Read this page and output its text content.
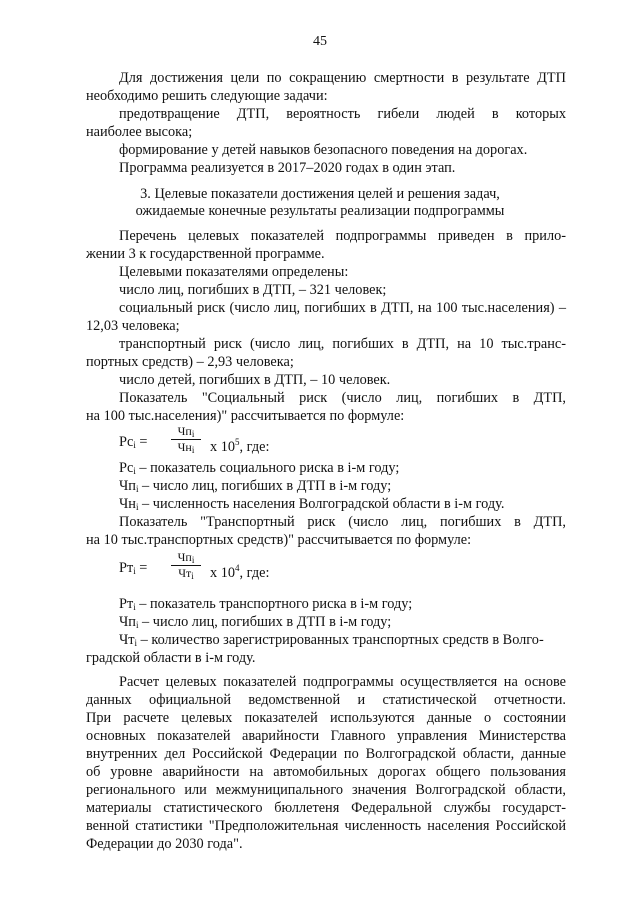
45
Для достижения цели по сокращению смертности в результате ДТП
необходимо решить следующие задачи:
предотвращение ДТП, вероятность гибели людей в которых
наиболее высока;
формирование у детей навыков безопасного поведения на дорогах.
Программа реализуется в 2017–2020 годах в один этап.
3. Целевые показатели достижения целей и решения задач,
ожидаемые конечные результаты реализации подпрограммы
Перечень целевых показателей подпрограммы приведен в прило-
жении 3 к государственной программе.
Целевыми показателями определены:
число лиц, погибших в ДТП, – 321 человек;
социальный риск (число лиц, погибших в ДТП, на 100 тыс.населения) –
12,03 человека;
транспортный риск (число лиц, погибших в ДТП, на 10 тыс.транс-
портных средств) – 2,93 человека;
число детей, погибших в ДТП, – 10 человек.
Показатель "Социальный риск (число лиц, погибших в ДТП,
на 100 тыс.населения)" рассчитывается по формуле:
$Рс_i$ =
$Чп_i$
$Чн_i$	x $10^5$, где:
$Рс_i$ – показатель социального риска в i-м году;
$Чп_i$ – число лиц, погибших в ДТП в i-м году;
$Чн_i$ – численность населения Волгоградской области в i-м году.
Показатель "Транспортный риск (число лиц, погибших в ДТП,
на 10 тыс.транспортных средств)" рассчитывается по формуле:
$Рт_i$ =
$Чп_i$
$Чт_i$	x $10^4$, где:
$Рт_i$ – показатель транспортного риска в i-м году;
$Чп_i$ – число лиц, погибших в ДТП в i-м году;
$Чт_i$ – количество зарегистрированных транспортных средств в Волго-
градской области в i-м году.
Расчет целевых показателей подпрограммы осуществляется на основе
данных официальной ведомственной и статистической отчетности.
При расчете целевых показателей используются данные о состоянии
основных показателей аварийности Главного управления Министерства
внутренних дел Российской Федерации по Волгоградской области, данные
об уровне аварийности на автомобильных дорогах общего пользования
регионального или межмуниципального значения Волгоградской области,
материалы статистического бюллетеня Федеральной службы государст-
венной статистики "Предположительная численность населения Российской
Федерации до 2030 года".
